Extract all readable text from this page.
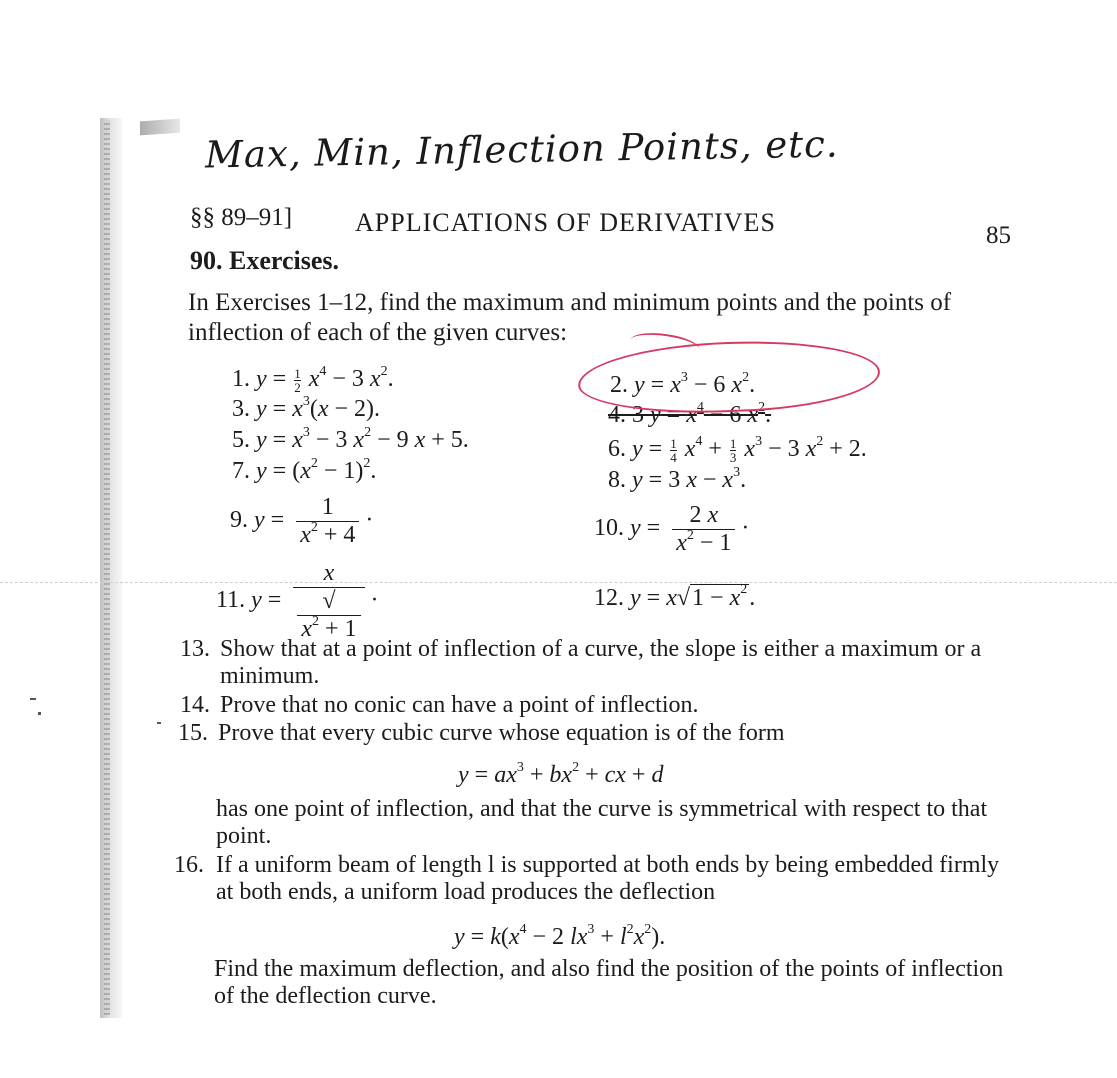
Max, Min, Inflection Points, etc.
§§ 89–91] APPLICATIONS OF DERIVATIVES	85
90. Exercises.
In Exercises 1–12, find the maximum and minimum points and the points of inflection of each of the given curves:
1. $y = \frac{1}{2} x^4 - 3$ $x^2$.	2. $y = x^3 - 6$ $x^2$.
3. $y = x^3(x - 2)$.	4. 3 $y = x^4 - 6$ $x^2$.
5. $y = x^3 - 3$ $x^2 - 9$ x + 5.	6. $y = \frac{1}{4} x^4 + \frac{1}{3} x^3 - 3$ $x^2 + 2$.
7. $y = (x^2 - 1)^2$.	8. y = 3 $x - x^3$.
9. $y = \frac{1}{x^2 + 4}$ ·	10. $y = \frac{2 x}{x^2 - 1}$ ·
11. y = x
√
$x^2 + 1$ ·	12. $y = x√1 - x^2$.
13. Show that at a point of inflection of a curve, the slope is either a maximum or a minimum.
14. Prove that no conic can have a point of inflection.
15. Prove that every cubic curve whose equation is of the form
$y = ax^3 + bx^2$ + cx + d
has one point of inflection, and that the curve is symmetrical with respect to that point.
16. If a uniform beam of length l is supported at both ends by being embedded firmly at both ends, a uniform load produces the deflection
$y = k(x^4 - 2$ $lx^3 + l^2x^2$).
Find the maximum deflection, and also find the position of the points of inflection of the deflection curve.
